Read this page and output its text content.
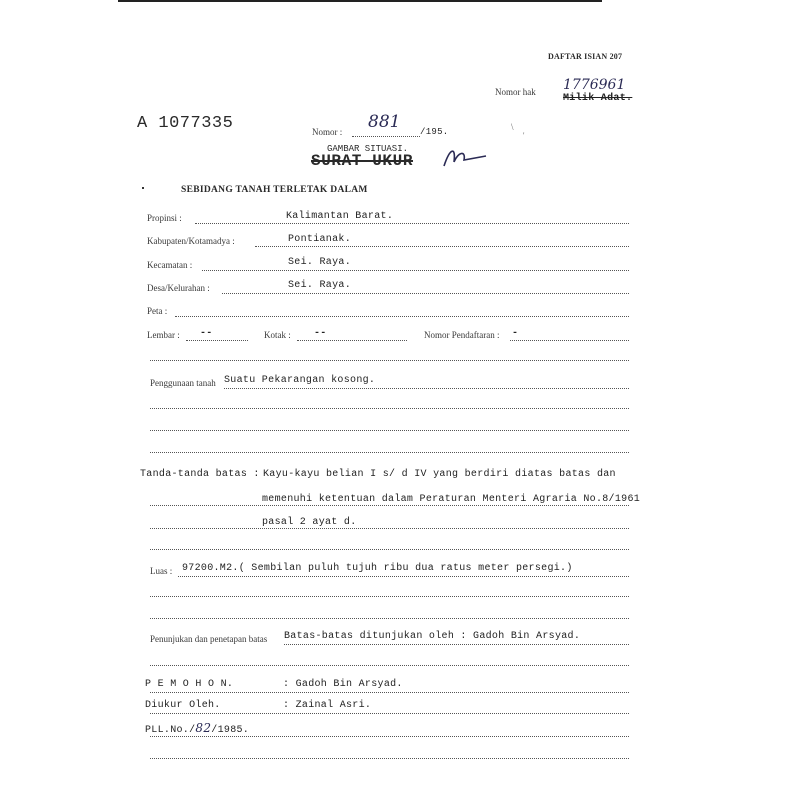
DAFTAR ISIAN 207
Nomor hak 1776961
Milik Adat.
A 1077335	Nomor : 881 /195.	\
'
GAMBAR SITUASI.
SURAT UKUR
SEBIDANG TANAH TERLETAK DALAM
Propinsi :	Kalimantan Barat.
Kabupaten/Kotamadya :	Pontianak.
Kecamatan :	Sei. Raya.
Desa/Kelurahan :	Sei. Raya.
Peta :
Lembar : --	Kotak : --	Nomor Pendaftaran : -
Penggunaan tanah Suatu Pekarangan kosong.
Tanda-tanda batas : Kayu-kayu belian I s/ d IV yang berdiri diatas batas dan
memenuhi ketentuan dalam Peraturan Menteri Agraria No.8/1961
pasal 2 ayat d.
Luas : 97200.M2.( Sembilan puluh tujuh ribu dua ratus meter persegi.)
Penunjukan dan penetapan batas Batas-batas ditunjukan oleh : Gadoh Bin Arsyad.
P E M O H O N.	: Gadoh Bin Arsyad.
Diukur Oleh.	: Zainal Asri.
PLL.No./82/1985.
